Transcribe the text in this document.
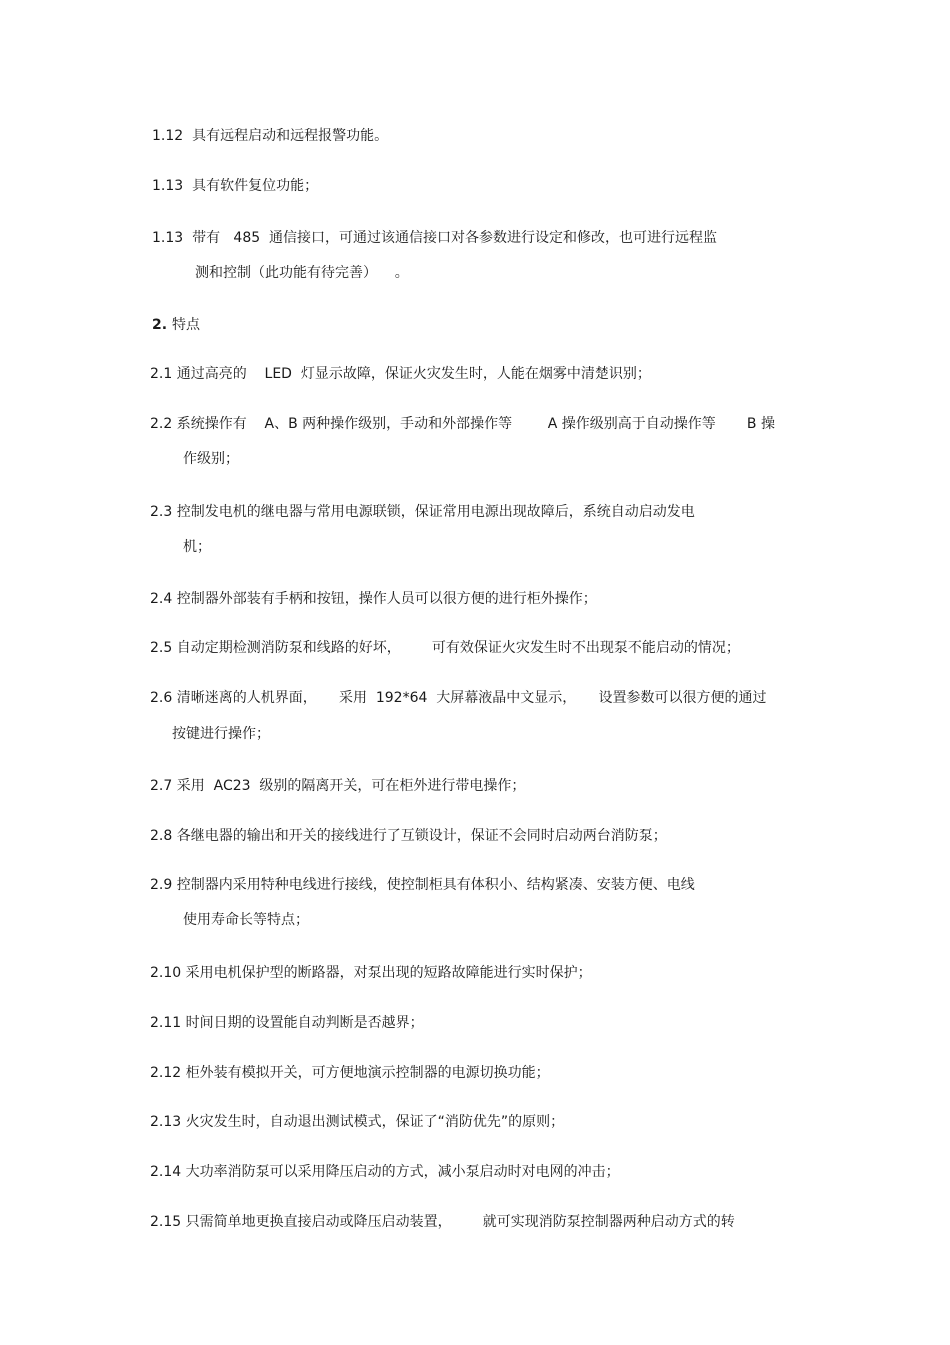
1.12  具有远程启动和远程报警功能。

1.13  具有软件复位功能；

1.13  带有   485  通信接口，可通过该通信接口对各参数进行设定和修改，也可进行远程监

测和控制（此功能有待完善）    。

2. 特点

2.1 通过高亮的    LED  灯显示故障，保证火灾发生时，人能在烟雾中清楚识别；

2.2 系统操作有    A、B 两种操作级别，手动和外部操作等        A 操作级别高于自动操作等       B 操

作级别；

2.3 控制发电机的继电器与常用电源联锁，保证常用电源出现故障后，系统自动启动发电

机；

2.4 控制器外部装有手柄和按钮，操作人员可以很方便的进行柜外操作；

2.5 自动定期检测消防泵和线路的好坏，       可有效保证火灾发生时不出现泵不能启动的情况；

2.6 清晰迷离的人机界面，     采用  192*64  大屏幕液晶中文显示，     设置参数可以很方便的通过

按键进行操作；

2.7 采用  AC23  级别的隔离开关，可在柜外进行带电操作；

2.8 各继电器的输出和开关的接线进行了互锁设计，保证不会同时启动两台消防泵；

2.9 控制器内采用特种电线进行接线，使控制柜具有体积小、结构紧凑、安装方便、电线

使用寿命长等特点；

2.10 采用电机保护型的断路器，对泵出现的短路故障能进行实时保护；

2.11 时间日期的设置能自动判断是否越界；

2.12 柜外装有模拟开关，可方便地演示控制器的电源切换功能；

2.13 火灾发生时，自动退出测试模式，保证了“消防优先”的原则；

2.14 大功率消防泵可以采用降压启动的方式，减小泵启动时对电网的冲击；

2.15 只需简单地更换直接启动或降压启动装置，       就可实现消防泵控制器两种启动方式的转
